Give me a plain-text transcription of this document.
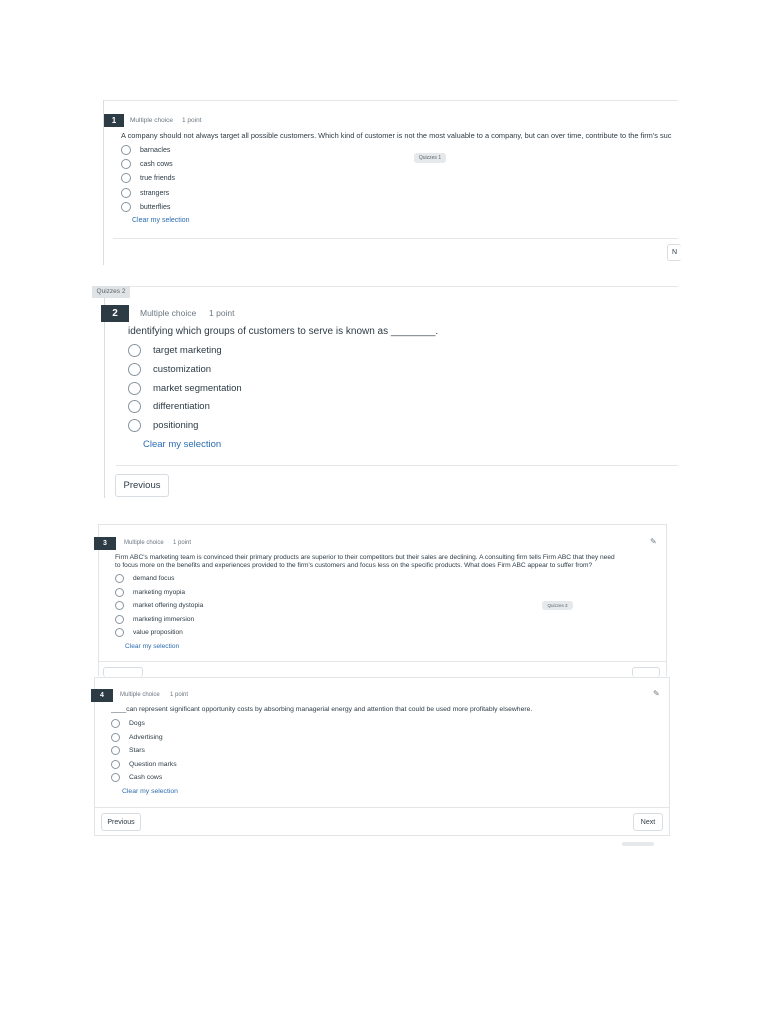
1	Multiple choice 1 point
A company should not always target all possible customers. Which kind of customer is not the most valuable to a company, but can over time, contribute to the firm's suc
Quizzes 1
barnacles
cash cows
true friends
strangers
butterflies
Clear my selection
N
Quizzes 2
2	Multiple choice 1 point
identifying which groups of customers to serve is known as ________.
target marketing
customization
market segmentation
differentiation
positioning
Clear my selection
Previous
3	Multiple choice 1 point	✎
Firm ABC's marketing team is convinced their primary products are superior to their competitors but their sales are declining. A consulting firm tells Firm ABC that they need
to focus more on the benefits and experiences provided to the firm's customers and focus less on the specific products. What does Firm ABC appear to suffer from?
Quizzes 3
demand focus
marketing myopia
market offering dystopia
marketing immersion
value proposition
Clear my selection
4	Multiple choice 1 point	✎
____can represent significant opportunity costs by absorbing managerial energy and attention that could be used more profitably elsewhere.
Dogs
Advertising
Stars
Question marks
Cash cows
Clear my selection
Previous	Next
